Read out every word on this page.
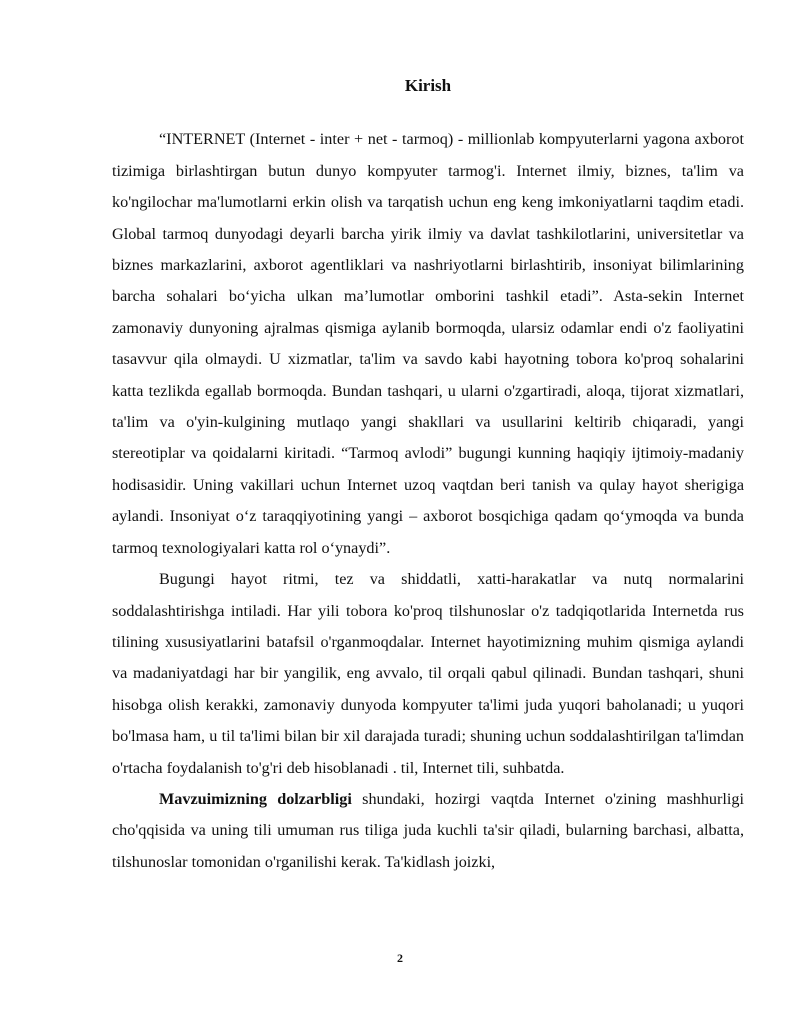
Kirish

“INTERNET (Internet - inter + net - tarmoq) - millionlab kompyuterlarni yagona axborot tizimiga birlashtirgan butun dunyo kompyuter tarmog'i. Internet ilmiy, biznes, ta'lim va ko'ngilochar ma'lumotlarni erkin olish va tarqatish uchun eng keng imkoniyatlarni taqdim etadi. Global tarmoq dunyodagi deyarli barcha yirik ilmiy va davlat tashkilotlarini, universitetlar va biznes markazlarini, axborot agentliklari va nashriyotlarni birlashtirib, insoniyat bilimlarining barcha sohalari bo‘yicha ulkan ma’lumotlar omborini tashkil etadi”. Asta-sekin Internet zamonaviy dunyoning ajralmas qismiga aylanib bormoqda, ularsiz odamlar endi o'z faoliyatini tasavvur qila olmaydi. U xizmatlar, ta'lim va savdo kabi hayotning tobora ko'proq sohalarini katta tezlikda egallab bormoqda. Bundan tashqari, u ularni o'zgartiradi, aloqa, tijorat xizmatlari, ta'lim va o'yin-kulgining mutlaqo yangi shakllari va usullarini keltirib chiqaradi, yangi stereotiplar va qoidalarni kiritadi. “Tarmoq avlodi” bugungi kunning haqiqiy ijtimoiy-madaniy hodisasidir. Uning vakillari uchun Internet uzoq vaqtdan beri tanish va qulay hayot sherigiga aylandi. Insoniyat o‘z taraqqiyotining yangi – axborot bosqichiga qadam qo‘ymoqda va bunda tarmoq texnologiyalari katta rol o‘ynaydi”.

Bugungi hayot ritmi, tez va shiddatli, xatti-harakatlar va nutq normalarini soddalashtirishga intiladi. Har yili tobora ko'proq tilshunoslar o'z tadqiqotlarida Internetda rus tilining xususiyatlarini batafsil o'rganmoqdalar. Internet hayotimizning muhim qismiga aylandi va madaniyatdagi har bir yangilik, eng avvalo, til orqali qabul qilinadi. Bundan tashqari, shuni hisobga olish kerakki, zamonaviy dunyoda kompyuter ta'limi juda yuqori baholanadi; u yuqori bo'lmasa ham, u til ta'limi bilan bir xil darajada turadi; shuning uchun soddalashtirilgan ta'limdan o'rtacha foydalanish to'g'ri deb hisoblanadi . til, Internet tili, suhbatda.

Mavzuimizning dolzarbligi shundaki, hozirgi vaqtda Internet o'zining mashhurligi cho'qqisida va uning tili umuman rus tiliga juda kuchli ta'sir qiladi, bularning barchasi, albatta, tilshunoslar tomonidan o'rganilishi kerak. Ta'kidlash joizki,

2
